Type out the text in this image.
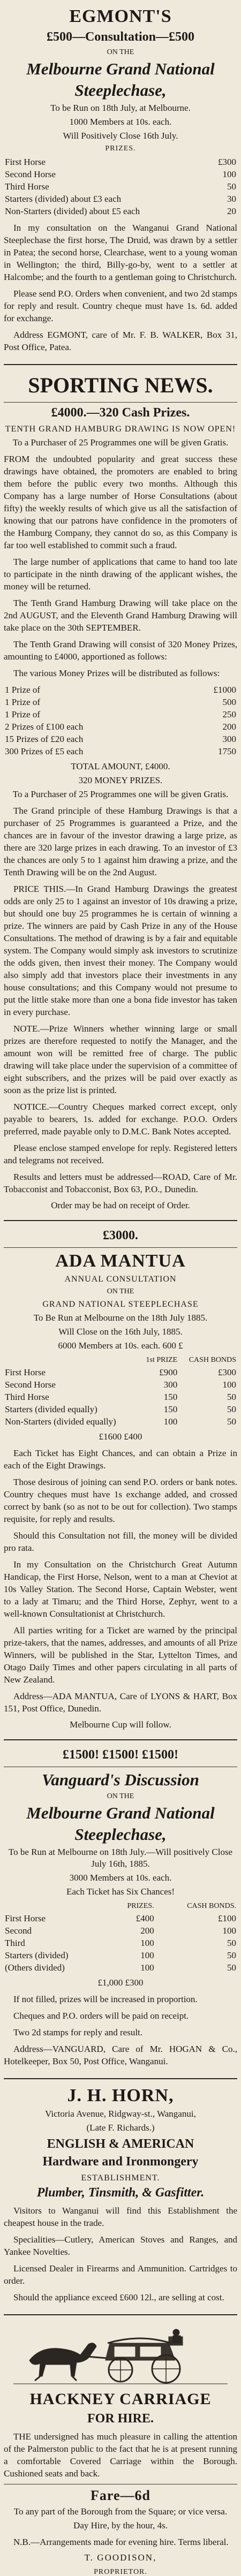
EGMONT'S
£500—Consultation—£500
ON THE
Melbourne Grand National
Steeplechase,
To be Run on 18th July, at Melbourne.
1000 Members at 10s. each.
Will Positively Close 16th July.
PRIZES.
First Horse	£300
Second Horse	100
Third Horse	50
Starters (divided) about £3 each	30
Non-Starters (divided) about £5 each	20

In my consultation on the Wanganui Grand National Steeplechase the first horse, The Druid, was drawn by a settler in Patea; the second horse, Clearchase, went to a young woman in Wellington; the third, Billy-go-by, went to a settler at Halcombe; and the fourth to a gentleman going to Christchurch.

Please send P.O. Orders when convenient, and two 2d stamps for reply and result. Country cheque must have 1s. 6d. added for exchange.

Address EGMONT, care of Mr. F. B. WALKER, Box 31, Post Office, Patea.

SPORTING NEWS.
£4000.—320 Cash Prizes.
TENTH GRAND HAMBURG DRAWING IS NOW OPEN!
To a Purchaser of 25 Programmes one will be given Gratis.

FROM the undoubted popularity and great success these drawings have obtained, the promoters are enabled to bring them before the public every two months. Although this Company has a large number of Horse Consultations (about fifty) the weekly results of which give us all the satisfaction of knowing that our patrons have confidence in the promoters of the Hamburg Company, they cannot do so, as this Company is far too well established to commit such a fraud.

The large number of applications that came to hand too late to participate in the ninth drawing of the applicant wishes, the money will be returned.

The Tenth Grand Hamburg Drawing will take place on the 2nd AUGUST, and the Eleventh Grand Hamburg Drawing will take place on the 30th SEPTEMBER.

The Tenth Grand Drawing will consist of 320 Money Prizes, amounting to £4000, apportioned as follows:

The various Money Prizes will be distributed as follows:

1 Prize of	£1000
1 Prize of	500
1 Prize of	250
2 Prizes of £100 each	200
15 Prizes of £20 each	300
300 Prizes of £5 each	1750
TOTAL AMOUNT, £4000.
320 MONEY PRIZES.
To a Purchaser of 25 Programmes one will be given Gratis.

The Grand principle of these Hamburg Drawings is that a purchaser of 25 Programmes is guaranteed a Prize, and the chances are in favour of the investor drawing a large prize, as there are 320 large prizes in each drawing. To an investor of £3 the chances are only 5 to 1 against him drawing a prize, and the Tenth Drawing will be on the 2nd August.

PRICE THIS.—In Grand Hamburg Drawings the greatest odds are only 25 to 1 against an investor of 10s drawing a prize, but should one buy 25 programmes he is certain of winning a prize. The winners are paid by Cash Prize in any of the House Consultations. The method of drawing is by a fair and equitable system. The Company would simply ask investors to scrutinize the odds given, then invest their money. The Company would also simply add that investors place their investments in any house consultations; and this Company would not presume to put the little stake more than one a bona fide investor has taken in every purchase.

NOTE.—Prize Winners whether winning large or small prizes are therefore requested to notify the Manager, and the amount won will be remitted free of charge. The public drawing will take place under the supervision of a committee of eight subscribers, and the prizes will be paid over exactly as soon as the prize list is printed.

NOTICE.—Country Cheques marked correct except, only payable to bearers, 1s. added for exchange. P.O.O. Orders preferred, made payable only to D.M.C. Bank Notes accepted.

Please enclose stamped envelope for reply. Registered letters and telegrams not received.

Results and letters must be addressed—ROAD, Care of Mr. Tobacconist and Tobacconist, Box 63, P.O., Dunedin.

Order may be had on receipt of Order.
£3000.
ADA MANTUA
ANNUAL CONSULTATION
ON THE
GRAND NATIONAL STEEPLECHASE
To Be Run at Melbourne on the 18th July 1885.
Will Close on the 16th July, 1885.
6000 Members at 10s. each. 600 £
	1st PRIZE	CASH BONDS
First Horse	£900	£300
Second Horse	300	100
Third Horse	150	50
Starters (divided equally)	150	50
Non-Starters (divided equally)	100	50
£1600 £400

Each Ticket has Eight Chances, and can obtain a Prize in each of the Eight Drawings.

Those desirous of joining can send P.O. orders or bank notes. Country cheques must have 1s exchange added, and crossed correct by bank (so as not to be out for collection). Two stamps requisite, for reply and results.

Should this Consultation not fill, the money will be divided pro rata.

In my Consultation on the Christchurch Great Autumn Handicap, the First Horse, Nelson, went to a man at Cheviot at 10s Valley Station. The Second Horse, Captain Webster, went to a lady at Timaru; and the Third Horse, Zephyr, went to a well-known Consultationist at Christchurch.

All parties writing for a Ticket are warned by the principal prize-takers, that the names, addresses, and amounts of all Prize Winners, will be published in the Star, Lyttelton Times, and Otago Daily Times and other papers circulating in all parts of New Zealand.

Address—ADA MANTUA, Care of LYONS & HART, Box 151, Post Office, Dunedin.

Melbourne Cup will follow.
£1500! £1500! £1500!
Vanguard's Discussion
ON THE
Melbourne Grand National
Steeplechase,
To be Run at Melbourne on 18th July.—Will positively Close July 16th, 1885.
3000 Members at 10s. each.
Each Ticket has Six Chances!
	PRIZES.	CASH BONDS.
First Horse	£400	£100
Second	200	100
Third	100	50
Starters (divided)	100	50
(Others divided)	100	50
£1,000 £300

If not filled, prizes will be increased in proportion.

Cheques and P.O. orders will be paid on receipt.

Two 2d stamps for reply and result.

Address—VANGUARD, Care of Mr. HOGAN & Co., Hotelkeeper, Box 50, Post Office, Wanganui.

J. H. HORN,
Victoria Avenue, Ridgway-st., Wanganui,
(Late F. Richards.)
ENGLISH & AMERICAN
Hardware and Ironmongery
ESTABLISHMENT.
Plumber, Tinsmith, & Gasfitter.

Visitors to Wanganui will find this Establishment the cheapest house in the trade.

Specialities—Cutlery, American Stoves and Ranges, and Yankee Novelties.

Licensed Dealer in Firearms and Ammunition. Cartridges to order.

Should the appliance exceed £600 12l., are selling at cost.

HACKNEY CARRIAGE
FOR HIRE.

THE undersigned has much pleasure in calling the attention of the Palmerston public to the fact that he is at present running a comfortable Covered Carriage within the Borough. Cushioned seats and back.

Fare—6d
To any part of the Borough from the Square; or vice versa.
Day Hire, by the hour, 4s.

N.B.—Arrangements made for evening hire. Terms liberal.

T. GOODISON,
PROPRIETOR.
